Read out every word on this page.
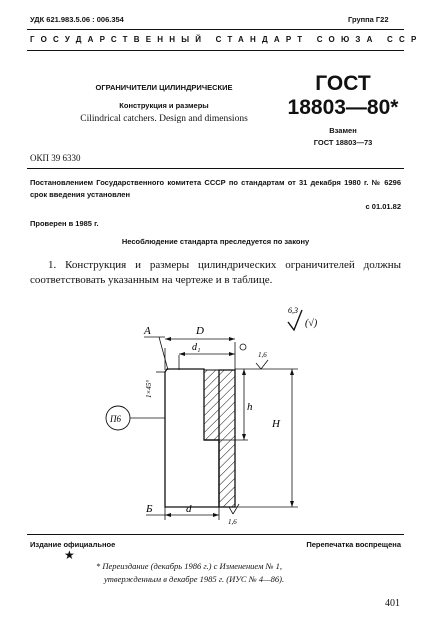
УДК 621.983.5.06 : 006.354	Группа Г22
ГОСУДАРСТВЕННЫЙ СТАНДАРТ СОЮЗА ССР
ОГРАНИЧИТЕЛИ ЦИЛИНДРИЧЕСКИЕ
Конструкция и размеры
Cilindrical catchers. Design and dimensions
ГОСТ
18803—80*
Взамен
ГОСТ 18803—73
ОКП 39 6330
Постановлением Государственного комитета СССР по стандартам от 31 декабря 1980 г. № 6296 срок введения установлен
с 01.01.82
Проверен в 1985 г.
Несоблюдение стандарта преследуется по закону
1. Конструкция и размеры цилиндрических ограничителей должны соответствовать указанным на чертеже и в таблице.
6,3
(√)
D
А
d₁
h
H
1,6
1×45°
П6
d
Б
1,6
Издание официальное	Перепечатка воспрещена
★
* Переиздание (декабрь 1986 г.) с Изменением № 1,
утвержденным в декабре 1985 г. (ИУС № 4—86).
401
